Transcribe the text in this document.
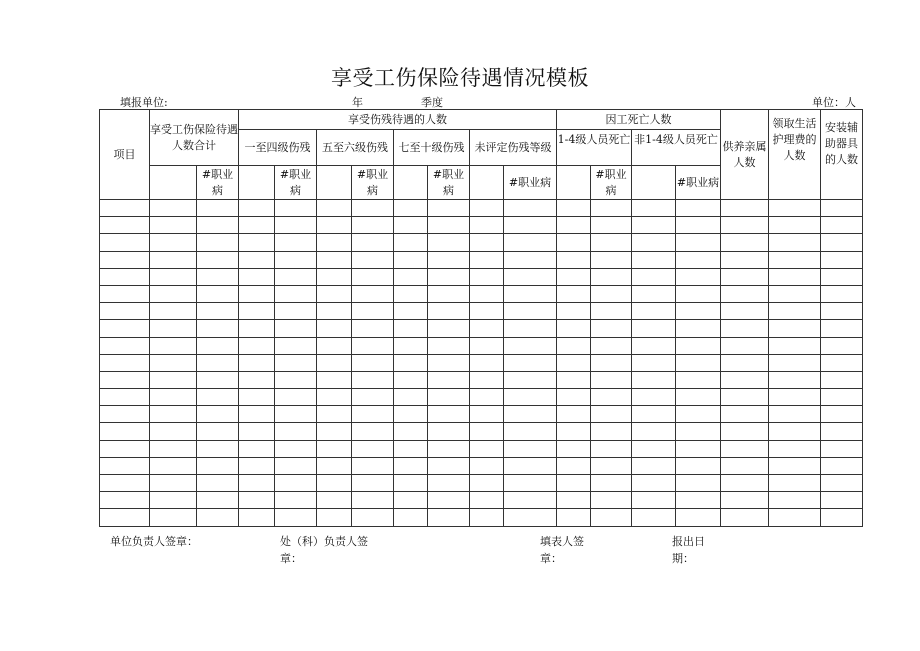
享受工伤保险待遇情况模板
填报单位:	年	季度	单位：人
项目	享受工伤保险待遇人数合计		享受伤残待遇的人数								因工死亡人数				供养亲属人数	领取生活护理费的人数	安装辅助器具的人数
			一至四级伤残		五至六级伤残		七至十级伤残		未评定伤残等级		1-4级人员死亡		非1-4级人员死亡				
		#职业病		#职业病		#职业病		#职业病		#职业病		#职业病		#职业病			

单位负责人签章：	处（科）负责人签章：
填表人签章：
报出日期：
